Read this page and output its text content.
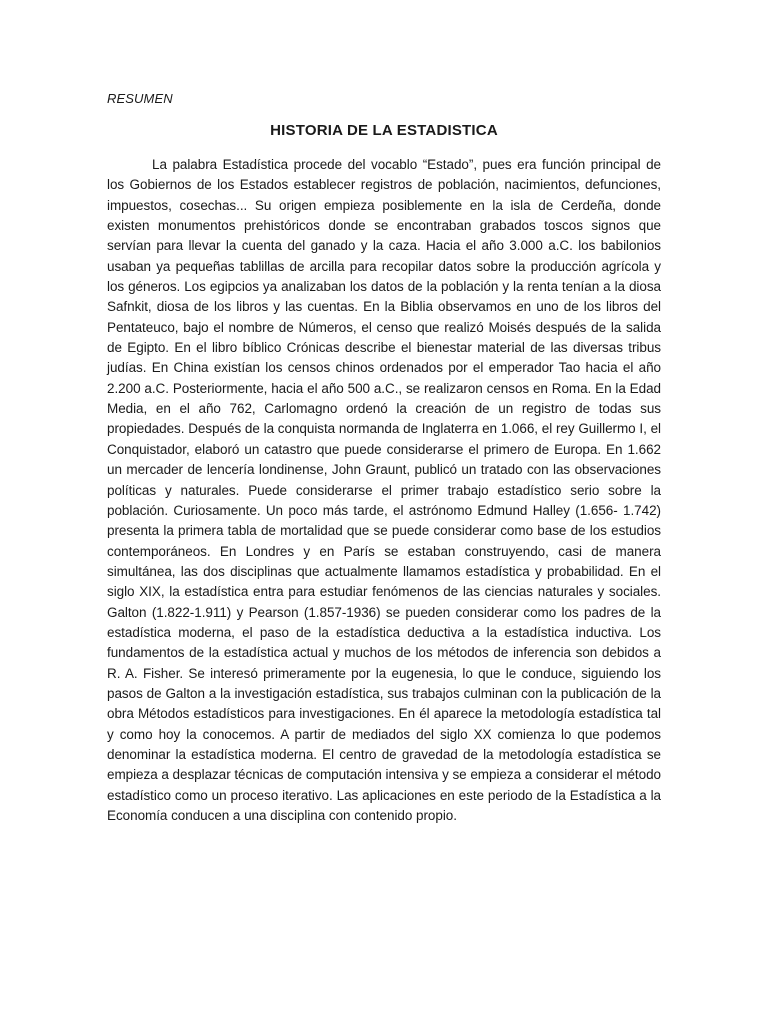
RESUMEN
HISTORIA DE LA ESTADISTICA

La palabra Estadística procede del vocablo “Estado”, pues era función principal de los Gobiernos de los Estados establecer registros de población, nacimientos, defunciones, impuestos, cosechas... Su origen empieza posiblemente en la isla de Cerdeña, donde existen monumentos prehistóricos donde se encontraban grabados toscos signos que servían para llevar la cuenta del ganado y la caza. Hacia el año 3.000 a.C. los babilonios usaban ya pequeñas tablillas de arcilla para recopilar datos sobre la producción agrícola y los géneros. Los egipcios ya analizaban los datos de la población y la renta tenían a la diosa Safnkit, diosa de los libros y las cuentas. En la Biblia observamos en uno de los libros del Pentateuco, bajo el nombre de Números, el censo que realizó Moisés después de la salida de Egipto. En el libro bíblico Crónicas describe el bienestar material de las diversas tribus judías. En China existían los censos chinos ordenados por el emperador Tao hacia el año 2.200 a.C. Posteriormente, hacia el año 500 a.C., se realizaron censos en Roma. En la Edad Media, en el año 762, Carlomagno ordenó la creación de un registro de todas sus propiedades. Después de la conquista normanda de Inglaterra en 1.066, el rey Guillermo I, el Conquistador, elaboró un catastro que puede considerarse el primero de Europa. En 1.662 un mercader de lencería londinense, John Graunt, publicó un tratado con las observaciones políticas y naturales. Puede considerarse el primer trabajo estadístico serio sobre la población. Curiosamente. Un poco más tarde, el astrónomo Edmund Halley (1.656- 1.742) presenta la primera tabla de mortalidad que se puede considerar como base de los estudios contemporáneos. En Londres y en París se estaban construyendo, casi de manera simultánea, las dos disciplinas que actualmente llamamos estadística y probabilidad. En el siglo XIX, la estadística entra para estudiar fenómenos de las ciencias naturales y sociales. Galton (1.822-1.911) y Pearson (1.857-1936) se pueden considerar como los padres de la estadística moderna, el paso de la estadística deductiva a la estadística inductiva. Los fundamentos de la estadística actual y muchos de los métodos de inferencia son debidos a R. A. Fisher. Se interesó primeramente por la eugenesia, lo que le conduce, siguiendo los pasos de Galton a la investigación estadística, sus trabajos culminan con la publicación de la obra Métodos estadísticos para investigaciones. En él aparece la metodología estadística tal y como hoy la conocemos. A partir de mediados del siglo XX comienza lo que podemos denominar la estadística moderna. El centro de gravedad de la metodología estadística se empieza a desplazar técnicas de computación intensiva y se empieza a considerar el método estadístico como un proceso iterativo. Las aplicaciones en este periodo de la Estadística a la Economía conducen a una disciplina con contenido propio.
